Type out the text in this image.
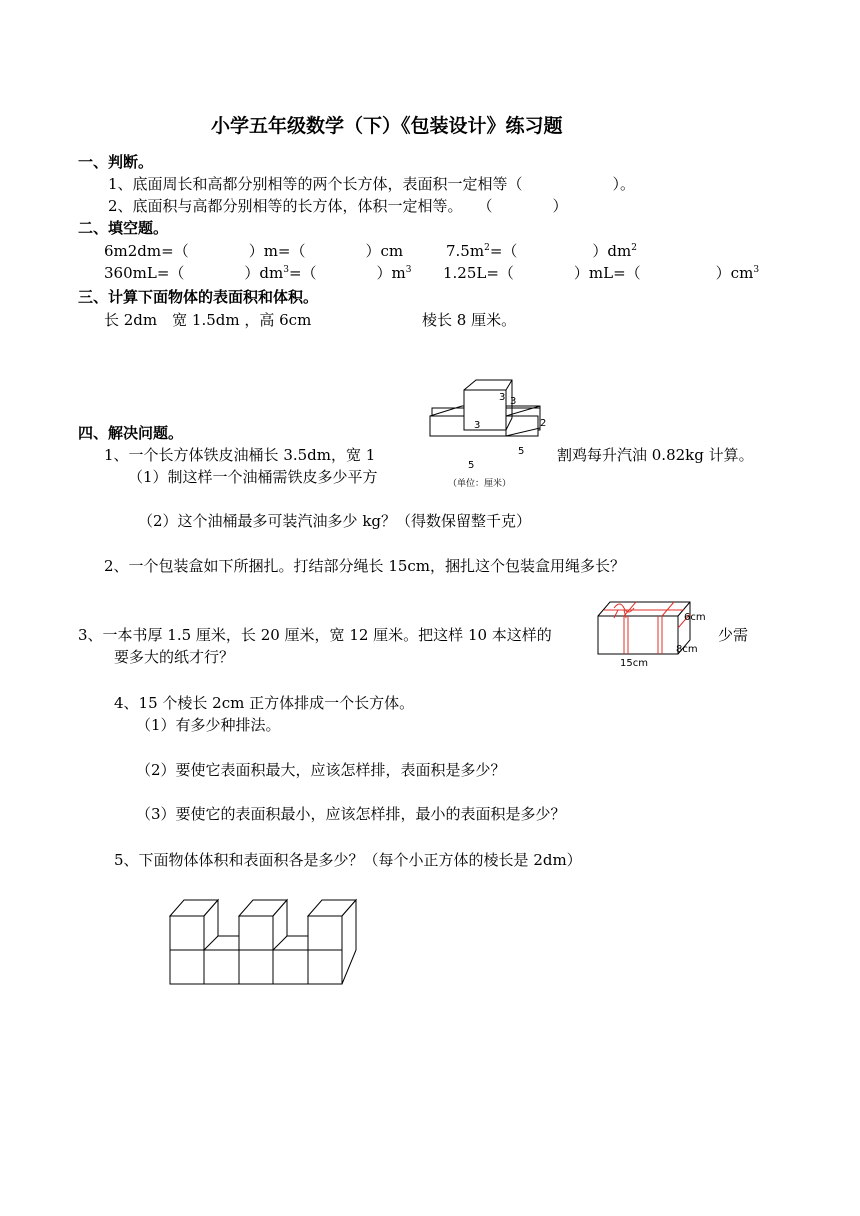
小学五年级数学（下）《包装设计》练习题
一、判断。
1、底面周长和高都分别相等的两个长方体，表面积一定相等（　　　　　　）。
2、底面积与高都分别相等的长方体，体积一定相等。　　（　　　　）
二、填空题。
6m2dm=（　　　　）m=（　　　　）cm	$7.5m^2=$（　　　　　）$dm^2$
360mL=（　　　　）$dm^3=$（　　　　）$m^3$ 1.25L=（　　　　）mL=（　　　　　）$cm^3$
三、计算下面物体的表面积和体积。
长 2dm　宽 1.5dm ，高 6cm	棱长 8 厘米。
四、解决问题。
1、一个长方体铁皮油桶长 3.5dm，宽 1	割鸡每升汽油 0.82kg 计算。
（1）制这样一个油桶需铁皮多少平方
3 3
3	2
5
5
（单位：厘米）
（2）这个油桶最多可装汽油多少 kg？（得数保留整千克）
2、一个包装盒如下所捆扎。打结部分绳长 15cm，捆扎这个包装盒用绳多长？
3、一本书厚 1.5 厘米，长 20 厘米，宽 12 厘米。把这样 10 本这样的	少需
要多大的纸才行？
6cm
8cm
15cm
4、15 个棱长 2cm 正方体排成一个长方体。
（1）有多少种排法。
（2）要使它表面积最大，应该怎样排，表面积是多少？
（3）要使它的表面积最小，应该怎样排，最小的表面积是多少？
5、下面物体体积和表面积各是多少？（每个小正方体的棱长是 2dm）
